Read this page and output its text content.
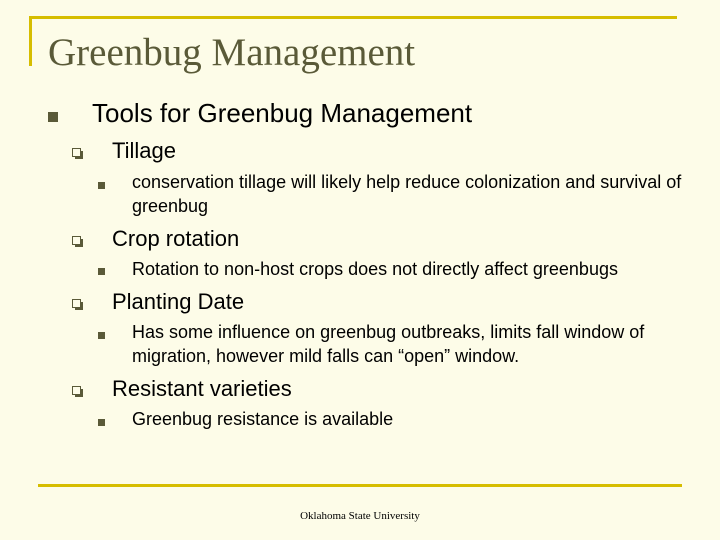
Greenbug Management
Tools for Greenbug Management
Tillage
conservation tillage will likely help reduce colonization and survival of greenbug
Crop rotation
Rotation to non-host crops does not directly affect greenbugs
Planting Date
Has some influence on greenbug outbreaks, limits fall window of migration, however mild falls can “open” window.
Resistant varieties
Greenbug resistance is available
Oklahoma State University
